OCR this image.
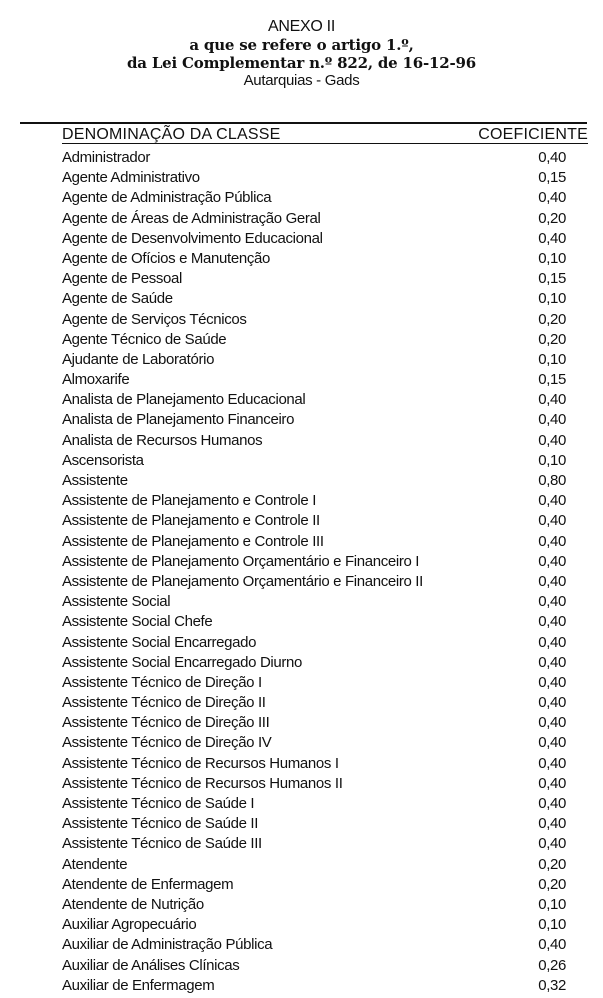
ANEXO II
a que se refere o artigo 1.º,
da Lei Complementar n.º 822, de 16-12-96
Autarquias - Gads
DENOMINAÇÃO DA CLASSE	COEFICIENTE
Administrador	0,40
Agente Administrativo	0,15
Agente de Administração Pública	0,40
Agente de Áreas de Administração Geral	0,20
Agente de Desenvolvimento Educacional	0,40
Agente de Ofícios e Manutenção	0,10
Agente de Pessoal	0,15
Agente de Saúde	0,10
Agente de Serviços Técnicos	0,20
Agente Técnico de Saúde	0,20
Ajudante de Laboratório	0,10
Almoxarife	0,15
Analista de Planejamento Educacional	0,40
Analista de Planejamento Financeiro	0,40
Analista de Recursos Humanos	0,40
Ascensorista	0,10
Assistente	0,80
Assistente de Planejamento e Controle I	0,40
Assistente de Planejamento e Controle II	0,40
Assistente de Planejamento e Controle III	0,40
Assistente de Planejamento Orçamentário e Financeiro I	0,40
Assistente de Planejamento Orçamentário e Financeiro II	0,40
Assistente Social	0,40
Assistente Social Chefe	0,40
Assistente Social Encarregado	0,40
Assistente Social Encarregado Diurno	0,40
Assistente Técnico de Direção I	0,40
Assistente Técnico de Direção II	0,40
Assistente Técnico de Direção III	0,40
Assistente Técnico de Direção IV	0,40
Assistente Técnico de Recursos Humanos I	0,40
Assistente Técnico de Recursos Humanos II	0,40
Assistente Técnico de Saúde I	0,40
Assistente Técnico de Saúde II	0,40
Assistente Técnico de Saúde III	0,40
Atendente	0,20
Atendente de Enfermagem	0,20
Atendente de Nutrição	0,10
Auxiliar Agropecuário	0,10
Auxiliar de Administração Pública	0,40
Auxiliar de Análises Clínicas	0,26
Auxiliar de Enfermagem	0,32
